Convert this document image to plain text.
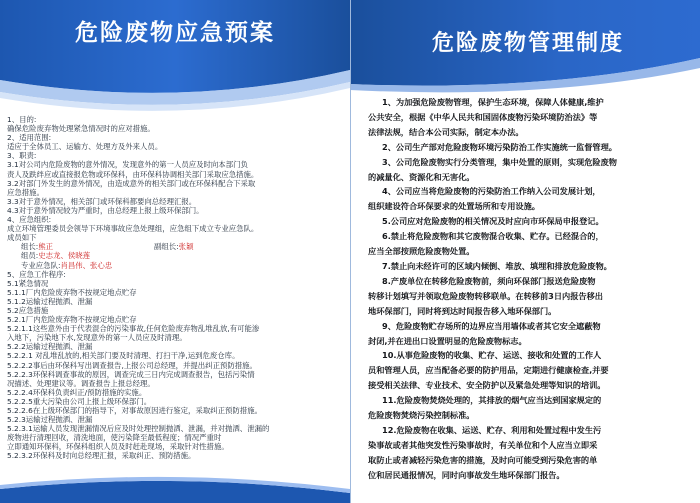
危险废物应急预案
1、目的:
确保危险废弃物处理紧急情况时的应对措施。
2、适用范围:
适应于全体员工、运输方、处理方及外来人员。
3、职责:
3.1对公司内危险废物的意外情况，发现意外的第一人员应及时向本部门负
责人及跌绊应或直接报危物或环保科，由环保科协调相关部门采取应急措施。
3.2对部门外发生的意外情况，由造成意外的相关部门或在环保科配合下采取
应急措施。
3.3对于意外情况，相关部门或环保科都要向总经理汇报。
4.3对于意外情况较为严重时，由总经理上报上级环保部门。
4、应急组织:
成立环境管理委员会领导下环境事故应急处理组，应急组下成立专业应急队。
成员如下
组长:熊正	副组长:张颖
组员:史志龙、侯晓莲
专业应急队:肖昌伟、张心忠
5、应急工作程序:
5.1紧急情况
5.1.1厂内危险废弃物不按规定地点贮存
5.1.2运输过程抛洒、泄漏
5.2应急措施
5.2.1厂内危险废弃物不按规定地点贮存
5.2.1.1这些意外由于代表混合的污染事故,任何危险废弃物乱堆乱放,有可能渗
入地下，污染地下水,发现意外的第一人员应及时清理。
5.2.2运输过程抛洒、泄漏
5.2.2.1 对乱堆乱放的,相关部门要及时清理、打扫干净,运到危废仓库。
5.2.2.2事后由环保科写出调查报告,上报公司总经理，并提出纠正预防措施。
5.2.2.3环保科调查事故的原因，调查完成三日内完成调查报告，包括污染情
况描述、处理建议等。调查报告上报总经理。
5.2.2.4环保科负责纠正/预防措施的实施。
5.2.2.5重大污染由公司上报上级环保部门。
5.2.2.6在上级环保部门的指导下，对事故原因进行鉴定，采取纠正预防措施。
5.2.3运输过程抛洒、泄漏
5.2.3.1运输人员发现泄漏情况后应及时处理控制抛洒、泄漏，并对抛洒、泄漏的
废物进行清理回收，清洗地面，使污染降至最低程度；情况严重时
立即通知环保科，环保科组织人员及时赶赴现场，采取针对性措施。
5.2.3.2环保科及时向总经理汇报，采取纠正、预防措施。
危险废物管理制度
1、为加强危险废物管理，保护生态环境，保障人体健康,维护
公共安全，根据《中华人民共和国固体废物污染环境防治法》等
法律法规，结合本公司实际，制定本办法。
2、公司生产部对危险废物环境污染防治工作实施统一监督管理。
3、公司危险废物实行分类管理，集中处置的原则，实现危险废物
的减量化、资源化和无害化。
4、公司应当将危险废物的污染防治工作纳入公司发展计划，
组织建设符合环保要求的处置场所和专用设施。
5.公司应对危险废物的相关情况及时应向市环保局申报登记。
6.禁止将危险废物和其它废物混合收集、贮存。已经混合的，
应当全部按照危险废物处置。
7.禁止向未经许可的区域内倾倒、堆放、填埋和排放危险废物。
8.产废单位在转移危险废物前，须向环保部门报送危险废物
转移计划填写并领取危险废物转移联单。在转移前3日内报告移出
地环保部门，同时将到达时间报告移入地环保部门。
9、危险废物贮存场所的边界应当用墙体或者其它安全遮蔽物
封闭,并在进出口设置明显的危险废物标志。
10.从事危险废物的收集、贮存、运送、接收和处置的工作人
员和管理人员，应当配备必要的防护用品，定期进行健康检查,并要
接受相关法律、专业技术、安全防护以及紧急处理等知识的培训。
11.危险废物焚烧处理的，其排放的烟气应当达到国家规定的
危险废物焚烧污染控制标准。
12.危险废物在收集、运送、贮存、利用和处置过程中发生污
染事故或者其他突发性污染事故时，有关单位和个人应当立即采
取防止或者减轻污染危害的措施，及时向可能受到污染危害的单
位和居民通报情况，同时向事故发生地环保部门报告。
